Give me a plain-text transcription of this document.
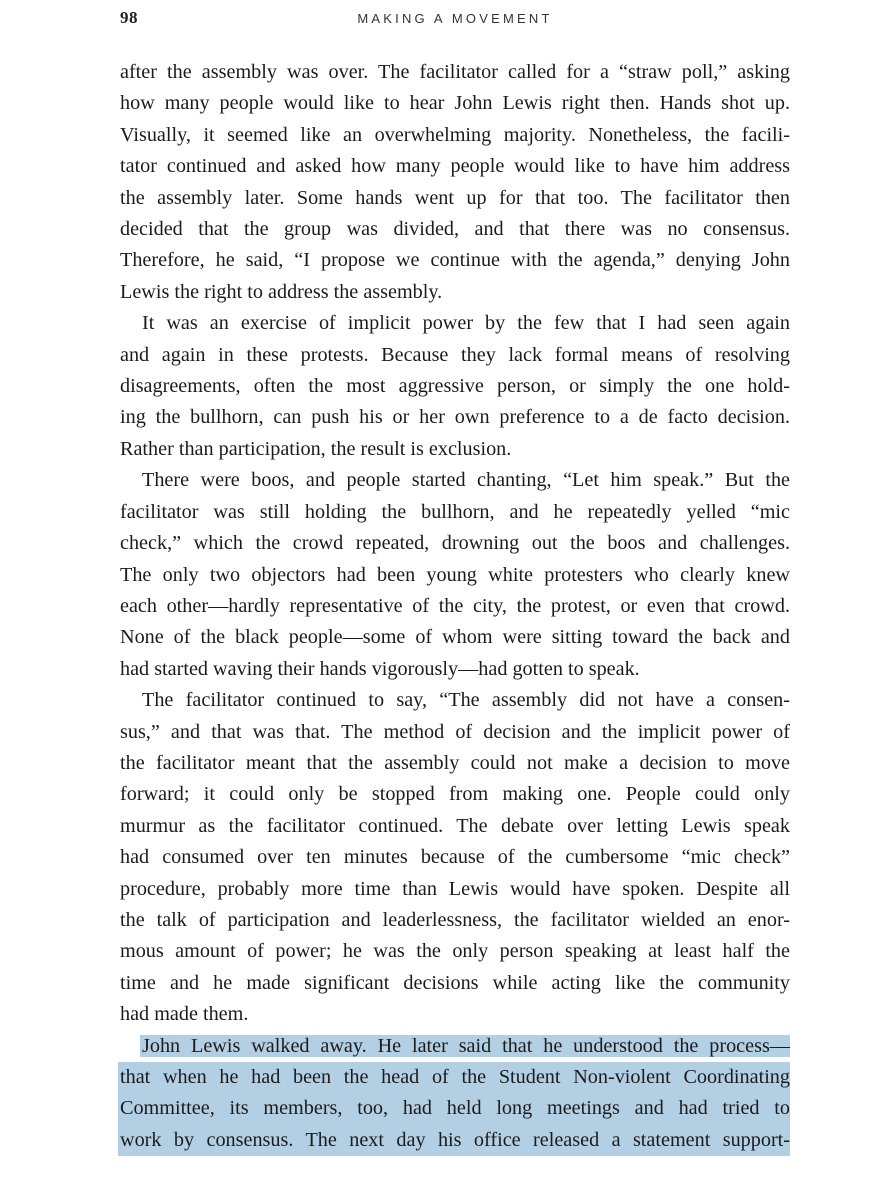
98	MAKING A MOVEMENT
after the assembly was over. The facilitator called for a “straw poll,” asking
how many people would like to hear John Lewis right then. Hands shot up.
Visually, it seemed like an overwhelming majority. Nonetheless, the facili-
tator continued and asked how many people would like to have him address
the assembly later. Some hands went up for that too. The facilitator then
decided that the group was divided, and that there was no consensus.
Therefore, he said, “I propose we continue with the agenda,” denying John
Lewis the right to address the assembly.
It was an exercise of implicit power by the few that I had seen again
and again in these protests. Because they lack formal means of resolving
disagreements, often the most aggressive person, or simply the one hold-
ing the bullhorn, can push his or her own preference to a de facto decision.
Rather than participation, the result is exclusion.
There were boos, and people started chanting, “Let him speak.” But the
facilitator was still holding the bullhorn, and he repeatedly yelled “mic
check,” which the crowd repeated, drowning out the boos and challenges.
The only two objectors had been young white protesters who clearly knew
each other—hardly representative of the city, the protest, or even that crowd.
None of the black people—some of whom were sitting toward the back and
had started waving their hands vigorously—had gotten to speak.
The facilitator continued to say, “The assembly did not have a consen-
sus,” and that was that. The method of decision and the implicit power of
the facilitator meant that the assembly could not make a decision to move
forward; it could only be stopped from making one. People could only
murmur as the facilitator continued. The debate over letting Lewis speak
had consumed over ten minutes because of the cumbersome “mic check”
procedure, probably more time than Lewis would have spoken. Despite all
the talk of participation and leaderlessness, the facilitator wielded an enor-
mous amount of power; he was the only person speaking at least half the
time and he made significant decisions while acting like the community
had made them.
John Lewis walked away. He later said that he understood the process—
that when he had been the head of the Student Non-violent Coordinating
Committee, its members, too, had held long meetings and had tried to
work by consensus. The next day his office released a statement support-
